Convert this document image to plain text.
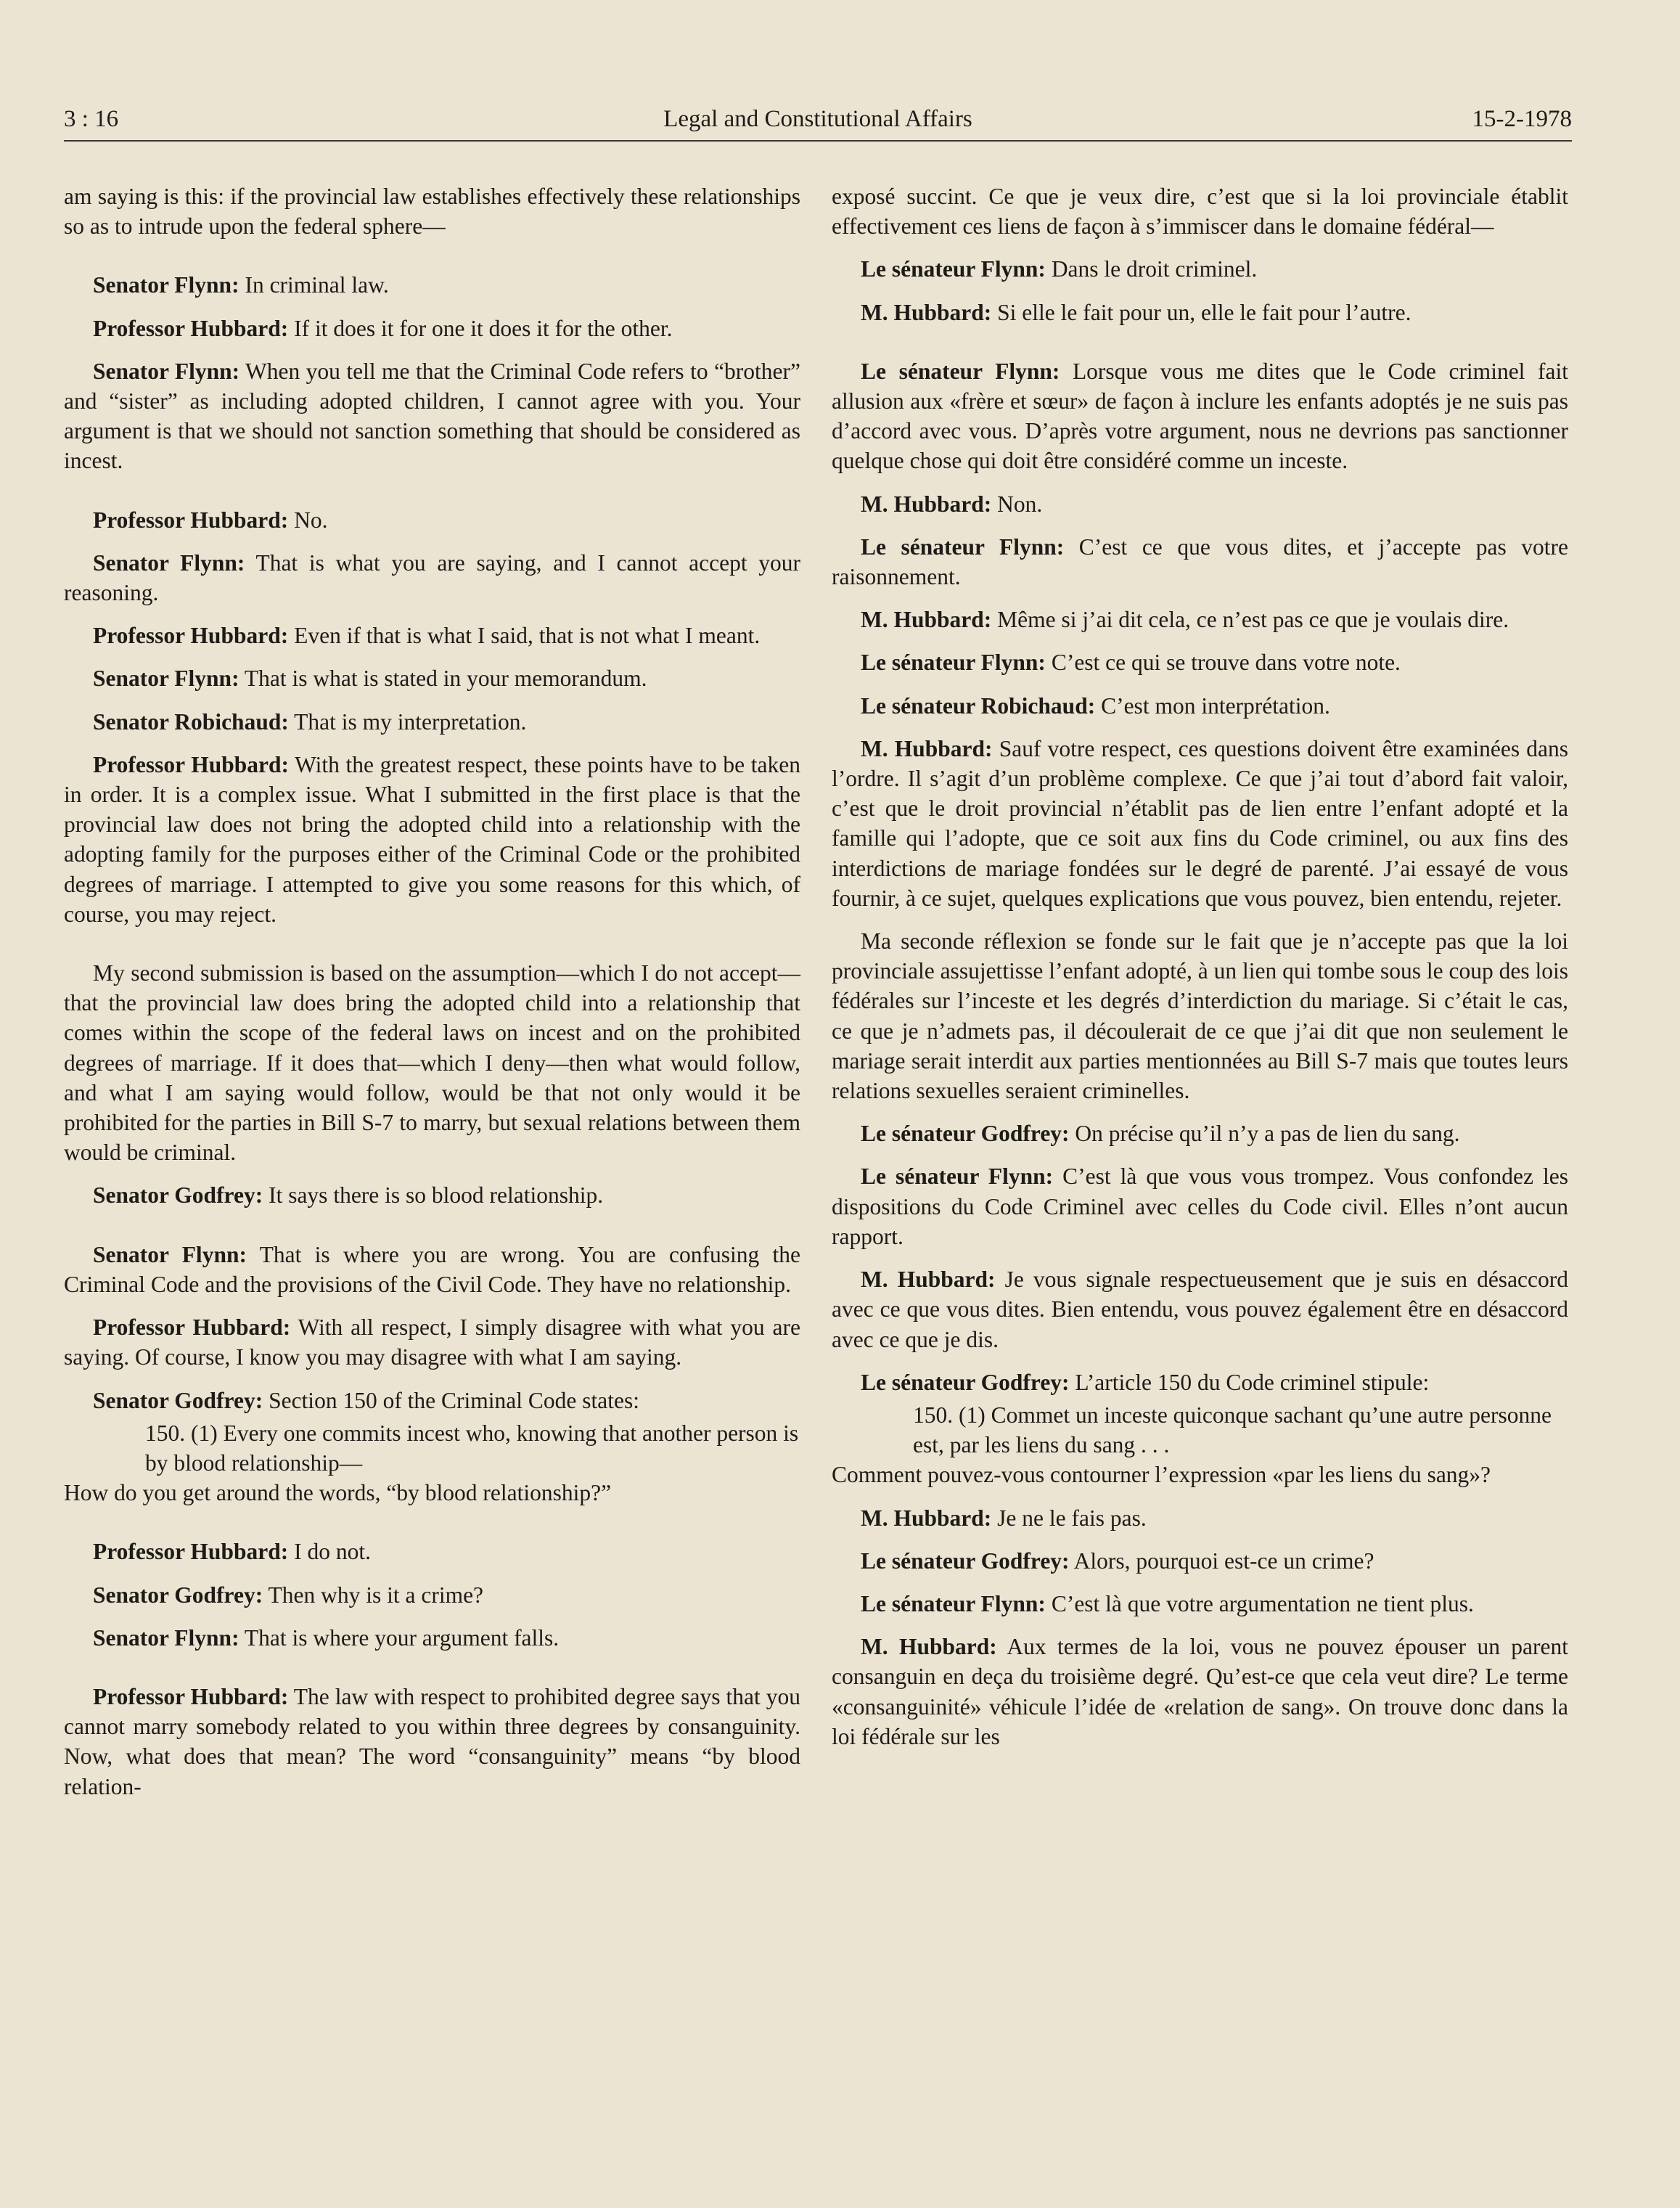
3 : 16	Legal and Constitutional Affairs	15-2-1978

am saying is this: if the provincial law establishes effectively these relationships so as to intrude upon the federal sphere—

Senator Flynn: In criminal law.

Professor Hubbard: If it does it for one it does it for the other.

Senator Flynn: When you tell me that the Criminal Code refers to “brother” and “sister” as including adopted children, I cannot agree with you. Your argument is that we should not sanction something that should be considered as incest.

Professor Hubbard: No.

Senator Flynn: That is what you are saying, and I cannot accept your reasoning.

Professor Hubbard: Even if that is what I said, that is not what I meant.

Senator Flynn: That is what is stated in your memorandum.

Senator Robichaud: That is my interpretation.

Professor Hubbard: With the greatest respect, these points have to be taken in order. It is a complex issue. What I submitted in the first place is that the provincial law does not bring the adopted child into a relationship with the adopting family for the purposes either of the Criminal Code or the prohibited degrees of marriage. I attempted to give you some reasons for this which, of course, you may reject.

My second submission is based on the assumption—which I do not accept—that the provincial law does bring the adopted child into a relationship that comes within the scope of the federal laws on incest and on the prohibited degrees of marriage. If it does that—which I deny—then what would follow, and what I am saying would follow, would be that not only would it be prohibited for the parties in Bill S-7 to marry, but sexual relations between them would be criminal.

Senator Godfrey: It says there is so blood relationship.

Senator Flynn: That is where you are wrong. You are confusing the Criminal Code and the provisions of the Civil Code. They have no relationship.

Professor Hubbard: With all respect, I simply disagree with what you are saying. Of course, I know you may disagree with what I am saying.

Senator Godfrey: Section 150 of the Criminal Code states:

150. (1) Every one commits incest who, knowing that another person is by blood relationship—

How do you get around the words, “by blood relationship?”

Professor Hubbard: I do not.

Senator Godfrey: Then why is it a crime?

Senator Flynn: That is where your argument falls.

Professor Hubbard: The law with respect to prohibited degree says that you cannot marry somebody related to you within three degrees by consanguinity. Now, what does that mean? The word “consanguinity” means “by blood relation-

exposé succint. Ce que je veux dire, c’est que si la loi provinciale établit effectivement ces liens de façon à s’immiscer dans le domaine fédéral—

Le sénateur Flynn: Dans le droit criminel.

M. Hubbard: Si elle le fait pour un, elle le fait pour l’autre.

Le sénateur Flynn: Lorsque vous me dites que le Code criminel fait allusion aux «frère et sœur» de façon à inclure les enfants adoptés je ne suis pas d’accord avec vous. D’après votre argument, nous ne devrions pas sanctionner quelque chose qui doit être considéré comme un inceste.

M. Hubbard: Non.

Le sénateur Flynn: C’est ce que vous dites, et j’accepte pas votre raisonnement.

M. Hubbard: Même si j’ai dit cela, ce n’est pas ce que je voulais dire.

Le sénateur Flynn: C’est ce qui se trouve dans votre note.

Le sénateur Robichaud: C’est mon interprétation.

M. Hubbard: Sauf votre respect, ces questions doivent être examinées dans l’ordre. Il s’agit d’un problème complexe. Ce que j’ai tout d’abord fait valoir, c’est que le droit provincial n’établit pas de lien entre l’enfant adopté et la famille qui l’adopte, que ce soit aux fins du Code criminel, ou aux fins des interdictions de mariage fondées sur le degré de parenté. J’ai essayé de vous fournir, à ce sujet, quelques explications que vous pouvez, bien entendu, rejeter.

Ma seconde réflexion se fonde sur le fait que je n’accepte pas que la loi provinciale assujettisse l’enfant adopté, à un lien qui tombe sous le coup des lois fédérales sur l’inceste et les degrés d’interdiction du mariage. Si c’était le cas, ce que je n’admets pas, il découlerait de ce que j’ai dit que non seulement le mariage serait interdit aux parties mentionnées au Bill S-7 mais que toutes leurs relations sexuelles seraient criminelles.

Le sénateur Godfrey: On précise qu’il n’y a pas de lien du sang.

Le sénateur Flynn: C’est là que vous vous trompez. Vous confondez les dispositions du Code Criminel avec celles du Code civil. Elles n’ont aucun rapport.

M. Hubbard: Je vous signale respectueusement que je suis en désaccord avec ce que vous dites. Bien entendu, vous pouvez également être en désaccord avec ce que je dis.

Le sénateur Godfrey: L’article 150 du Code criminel stipule:

150. (1) Commet un inceste quiconque sachant qu’une autre personne est, par les liens du sang . . .

Comment pouvez-vous contourner l’expression «par les liens du sang»?

M. Hubbard: Je ne le fais pas.

Le sénateur Godfrey: Alors, pourquoi est-ce un crime?

Le sénateur Flynn: C’est là que votre argumentation ne tient plus.

M. Hubbard: Aux termes de la loi, vous ne pouvez épouser un parent consanguin en deça du troisième degré. Qu’est-ce que cela veut dire? Le terme «consanguinité» véhicule l’idée de «relation de sang». On trouve donc dans la loi fédérale sur les
